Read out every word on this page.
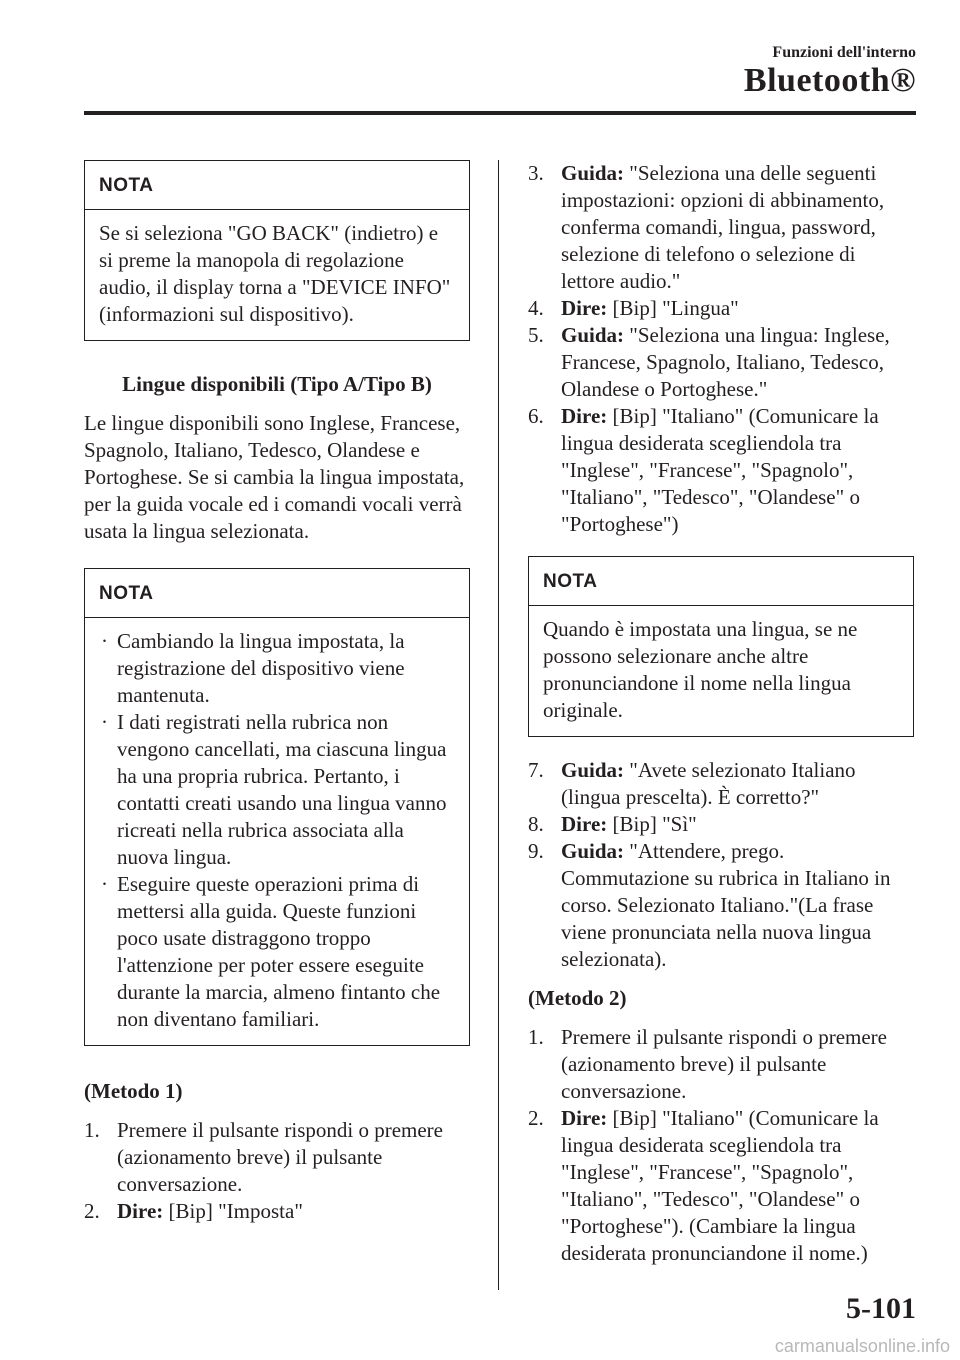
Funzioni dell'interno
Bluetooth®
NOTA

Se si seleziona "GO BACK" (indietro) e si preme la manopola di regolazione audio, il display torna a "DEVICE INFO" (informazioni sul dispositivo).

Lingue disponibili (Tipo A/Tipo B)

Le lingue disponibili sono Inglese, Francese, Spagnolo, Italiano, Tedesco, Olandese e Portoghese. Se si cambia la lingua impostata, per la guida vocale ed i comandi vocali verrà usata la lingua selezionata.

NOTA
· Cambiando la lingua impostata, la registrazione del dispositivo viene mantenuta.
· I dati registrati nella rubrica non vengono cancellati, ma ciascuna lingua ha una propria rubrica. Pertanto, i contatti creati usando una lingua vanno ricreati nella rubrica associata alla nuova lingua.
· Eseguire queste operazioni prima di mettersi alla guida. Queste funzioni poco usate distraggono troppo l'attenzione per poter essere eseguite durante la marcia, almeno fintanto che non diventano familiari.

(Metodo 1)

1. Premere il pulsante rispondi o premere (azionamento breve) il pulsante conversazione.

2. Dire: [Bip] "Imposta"

3. Guida: "Seleziona una delle seguenti impostazioni: opzioni di abbinamento, conferma comandi, lingua, password, selezione di telefono o selezione di lettore audio."

4. Dire: [Bip] "Lingua"

5. Guida: "Seleziona una lingua: Inglese, Francese, Spagnolo, Italiano, Tedesco, Olandese o Portoghese."

6. Dire: [Bip] "Italiano" (Comunicare la lingua desiderata scegliendola tra "Inglese", "Francese", "Spagnolo", "Italiano", "Tedesco", "Olandese" o "Portoghese")

NOTA

Quando è impostata una lingua, se ne possono selezionare anche altre pronunciandone il nome nella lingua originale.

7. Guida: "Avete selezionato Italiano (lingua prescelta). È corretto?"

8. Dire: [Bip] "Sì"

9. Guida: "Attendere, prego. Commutazione su rubrica in Italiano in corso. Selezionato Italiano."(La frase viene pronunciata nella nuova lingua selezionata).

(Metodo 2)

1. Premere il pulsante rispondi o premere (azionamento breve) il pulsante conversazione.

2. Dire: [Bip] "Italiano" (Comunicare la lingua desiderata scegliendola tra "Inglese", "Francese", "Spagnolo", "Italiano", "Tedesco", "Olandese" o "Portoghese"). (Cambiare la lingua desiderata pronunciandone il nome.)

5-101
carmanualsonline.info
